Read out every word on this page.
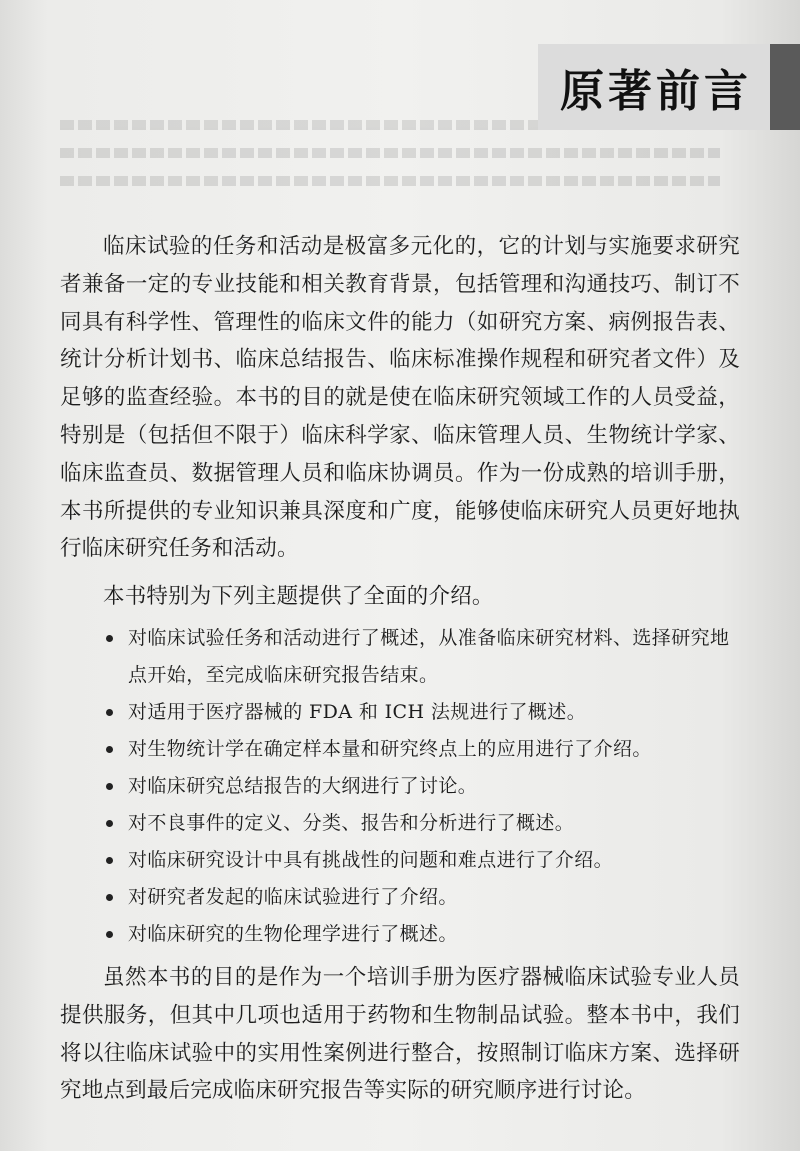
原著前言

临床试验的任务和活动是极富多元化的，它的计划与实施要求研究者兼备一定的专业技能和相关教育背景，包括管理和沟通技巧、制订不同具有科学性、管理性的临床文件的能力（如研究方案、病例报告表、统计分析计划书、临床总结报告、临床标准操作规程和研究者文件）及足够的监查经验。本书的目的就是使在临床研究领域工作的人员受益，特别是（包括但不限于）临床科学家、临床管理人员、生物统计学家、临床监查员、数据管理人员和临床协调员。作为一份成熟的培训手册，本书所提供的专业知识兼具深度和广度，能够使临床研究人员更好地执行临床研究任务和活动。

本书特别为下列主题提供了全面的介绍。

对临床试验任务和活动进行了概述，从准备临床研究材料、选择研究地点开始，至完成临床研究报告结束。
对适用于医疗器械的 FDA 和 ICH 法规进行了概述。
对生物统计学在确定样本量和研究终点上的应用进行了介绍。
对临床研究总结报告的大纲进行了讨论。
对不良事件的定义、分类、报告和分析进行了概述。
对临床研究设计中具有挑战性的问题和难点进行了介绍。
对研究者发起的临床试验进行了介绍。
对临床研究的生物伦理学进行了概述。

虽然本书的目的是作为一个培训手册为医疗器械临床试验专业人员提供服务，但其中几项也适用于药物和生物制品试验。整本书中，我们将以往临床试验中的实用性案例进行整合，按照制订临床方案、选择研究地点到最后完成临床研究报告等实际的研究顺序进行讨论。
